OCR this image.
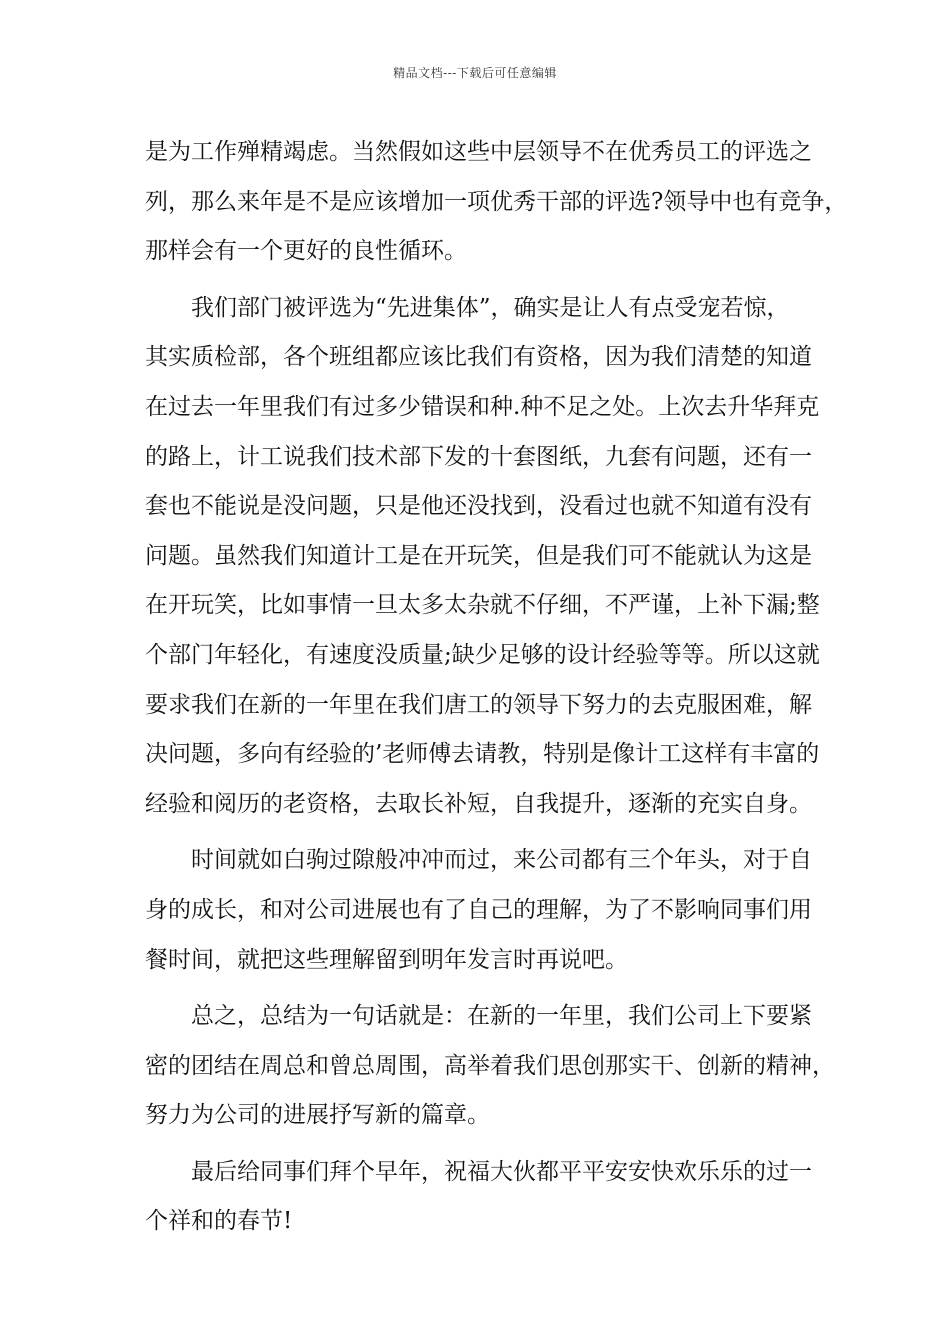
精品文档---下载后可任意编辑
是为工作殚精竭虑。当然假如这些中层领导不在优秀员工的评选之
列，那么来年是不是应该增加一项优秀干部的评选?领导中也有竞争，
那样会有一个更好的良性循环。
　　我们部门被评选为“先进集体”，确实是让人有点受宠若惊，
其实质检部，各个班组都应该比我们有资格，因为我们清楚的知道
在过去一年里我们有过多少错误和种.种不足之处。上次去升华拜克
的路上，计工说我们技术部下发的十套图纸，九套有问题，还有一
套也不能说是没问题，只是他还没找到，没看过也就不知道有没有
问题。虽然我们知道计工是在开玩笑，但是我们可不能就认为这是
在开玩笑，比如事情一旦太多太杂就不仔细，不严谨，上补下漏;整
个部门年轻化，有速度没质量;缺少足够的设计经验等等。所以这就
要求我们在新的一年里在我们唐工的领导下努力的去克服困难，解
决问题，多向有经验的’老师傅去请教，特别是像计工这样有丰富的
经验和阅历的老资格，去取长补短，自我提升，逐渐的充实自身。
　　时间就如白驹过隙般冲冲而过，来公司都有三个年头，对于自
身的成长，和对公司进展也有了自己的理解，为了不影响同事们用
餐时间，就把这些理解留到明年发言时再说吧。
　　总之，总结为一句话就是：在新的一年里，我们公司上下要紧
密的团结在周总和曾总周围，高举着我们思创那实干、创新的精神，
努力为公司的进展抒写新的篇章。
　　最后给同事们拜个早年，祝福大伙都平平安安快欢乐乐的过一
个祥和的春节!
